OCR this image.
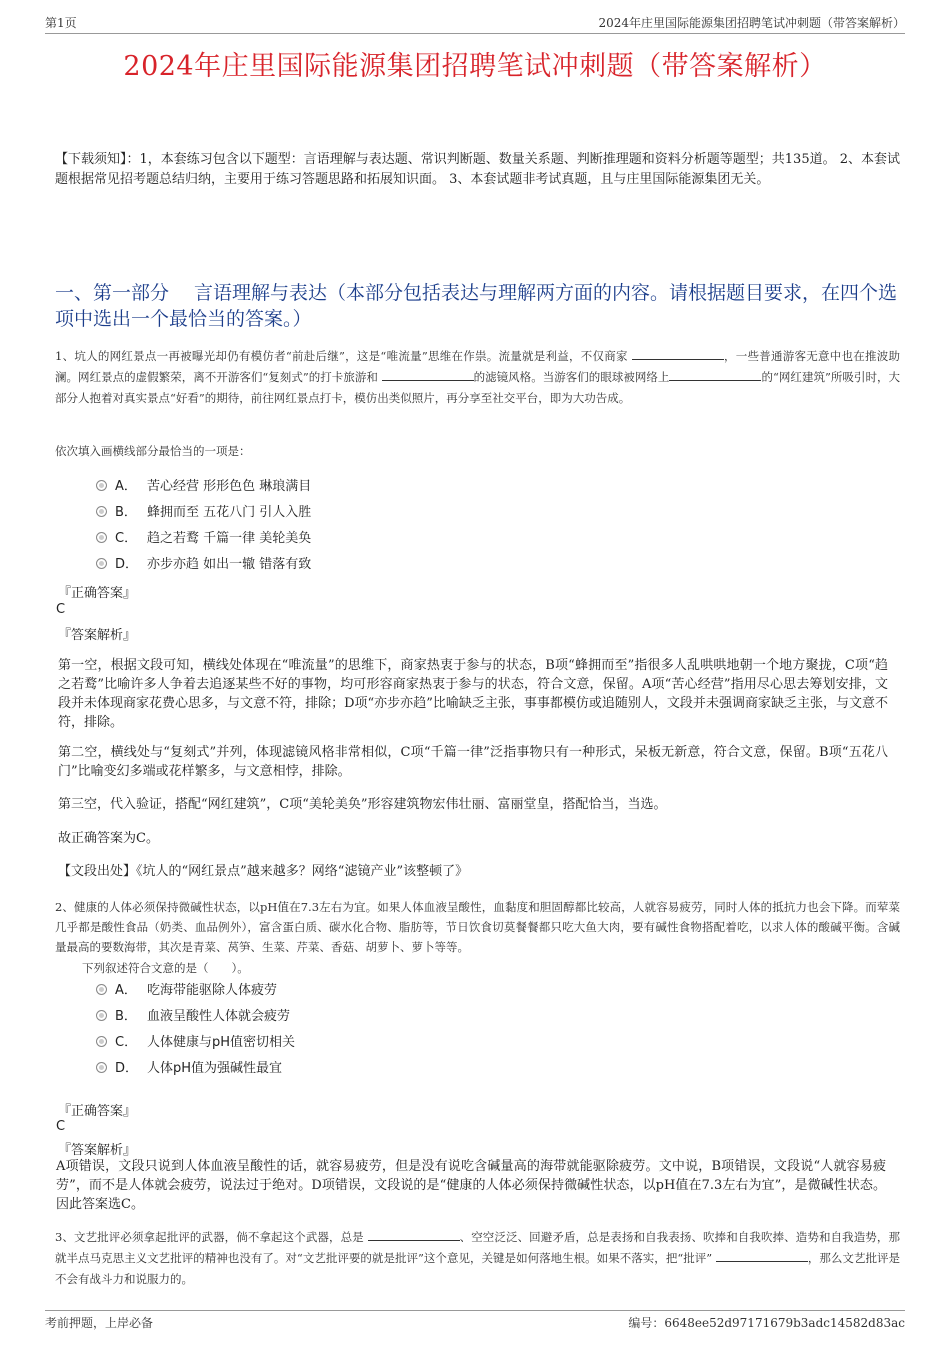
第1页	2024年庄里国际能源集团招聘笔试冲刺题（带答案解析）
2024年庄里国际能源集团招聘笔试冲刺题（带答案解析）
【下载须知】：1，本套练习包含以下题型：言语理解与表达题、常识判断题、数量关系题、判断推理题和资料分析题等题型；共135道。 2、本套试题根据常见招考题总结归纳，主要用于练习答题思路和拓展知识面。 3、本套试题非考试真题，且与庄里国际能源集团无关。
一、第一部分　 言语理解与表达（本部分包括表达与理解两方面的内容。请根据题目要求，在四个选项中选出一个最恰当的答案。）
1、坑人的网红景点一再被曝光却仍有模仿者“前赴后继”，这是“唯流量”思维在作祟。流量就是利益，不仅商家	，一些普通游客无意中也在推波助澜。网红景点的虚假繁荣，离不开游客们“复刻式”的打卡旅游和	的滤镜风格。当游客们的眼球被网络上	的“网红建筑”所吸引时，大部分人抱着对真实景点“好看”的期待，前往网红景点打卡，模仿出类似照片，再分享至社交平台，即为大功告成。
依次填入画横线部分最恰当的一项是：
A． 苦心经营 形形色色 琳琅满目
B． 蜂拥而至 五花八门 引人入胜
C． 趋之若鹜 千篇一律 美轮美奂
D． 亦步亦趋 如出一辙 错落有致
『正确答案』
C
『答案解析』
第一空，根据文段可知，横线处体现在“唯流量”的思维下，商家热衷于参与的状态，B项“蜂拥而至”指很多人乱哄哄地朝一个地方聚拢，C项“趋之若鹜”比喻许多人争着去追逐某些不好的事物，均可形容商家热衷于参与的状态，符合文意，保留。A项“苦心经营”指用尽心思去筹划安排，文段并未体现商家花费心思多，与文意不符，排除；D项“亦步亦趋”比喻缺乏主张，事事都模仿或追随别人，文段并未强调商家缺乏主张，与文意不符，排除。
第二空，横线处与“复刻式”并列，体现滤镜风格非常相似，C项“千篇一律”泛指事物只有一种形式，呆板无新意，符合文意，保留。B项“五花八门”比喻变幻多端或花样繁多，与文意相悖，排除。
第三空，代入验证，搭配“网红建筑”，C项“美轮美奂”形容建筑物宏伟壮丽、富丽堂皇，搭配恰当，当选。
故正确答案为C。
【文段出处】《坑人的“网红景点”越来越多？网络“滤镜产业”该整顿了》
2、健康的人体必须保持微碱性状态，以pH值在7.3左右为宜。如果人体血液呈酸性，血黏度和胆固醇都比较高，人就容易疲劳，同时人体的抵抗力也会下降。而荤菜几乎都是酸性食品（奶类、血品例外），富含蛋白质、碳水化合物、脂肪等，节日饮食切莫餐餐都只吃大鱼大肉，要有碱性食物搭配着吃，以求人体的酸碱平衡。含碱量最高的要数海带，其次是青菜、莴笋、生菜、芹菜、香菇、胡萝卜、萝卜等等。
下列叙述符合文意的是（　　）。
A． 吃海带能驱除人体疲劳
B． 血液呈酸性人体就会疲劳
C． 人体健康与pH值密切相关
D． 人体pH值为强碱性最宜
『正确答案』
C
『答案解析』
A项错误，文段只说到人体血液呈酸性的话，就容易疲劳，但是没有说吃含碱量高的海带就能驱除疲劳。文中说，B项错误，文段说“人就容易疲劳”，而不是人体就会疲劳，说法过于绝对。D项错误，文段说的是“健康的人体必须保持微碱性状态，以pH值在7.3左右为宜”，是微碱性状态。因此答案选C。
3、文艺批评必须拿起批评的武器，倘不拿起这个武器，总是	、空空泛泛、回避矛盾，总是表扬和自我表扬、吹捧和自我吹捧、造势和自我造势，那就半点马克思主义文艺批评的精神也没有了。对“文艺批评要的就是批评”这个意见，关键是如何落地生根。如果不落实，把“批评”	，那么文艺批评是不会有战斗力和说服力的。
考前押题，上岸必备	编号：6648ee52d97171679b3adc14582d83ac
